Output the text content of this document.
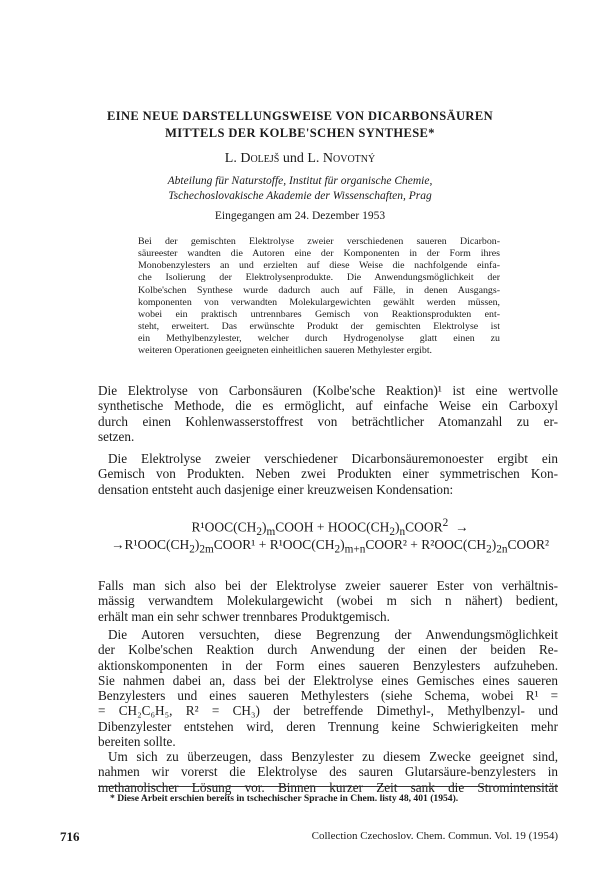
EINE NEUE DARSTELLUNGSWEISE VON DICARBONSÄUREN
MITTELS DER KOLBE'SCHEN SYNTHESE*
L. Dolejš und L. Novotný
Abteilung für Naturstoffe, Institut für organische Chemie,
Tschechoslovakische Akademie der Wissenschaften, Prag
Eingegangen am 24. Dezember 1953
Bei der gemischten Elektrolyse zweier verschiedenen saueren Dicarbon-
säureester wandten die Autoren eine der Komponenten in der Form ihres
Monobenzylesters an und erzielten auf diese Weise die nachfolgende einfa-
che Isolierung der Elektrolysenprodukte. Die Anwendungsmöglichkeit der
Kolbe'schen Synthese wurde dadurch auch auf Fälle, in denen Ausgangs-
komponenten von verwandten Molekulargewichten gewählt werden müssen,
wobei ein praktisch untrennbares Gemisch von Reaktionsprodukten ent-
steht, erweitert. Das erwünschte Produkt der gemischten Elektrolyse ist
ein Methylbenzylester, welcher durch Hydrogenolyse glatt einen zu
weiteren Operationen geeigneten einheitlichen saueren Methylester ergibt.
Die Elektrolyse von Carbonsäuren (Kolbe'sche Reaktion)¹ ist eine wertvolle
synthetische Methode, die es ermöglicht, auf einfache Weise ein Carboxyl
durch einen Kohlenwasserstoffrest von beträchtlicher Atomanzahl zu er-
setzen.
Die Elektrolyse zweier verschiedener Dicarbonsäuremonoester ergibt ein
Gemisch von Produkten. Neben zwei Produkten einer symmetrischen Kon-
densation entsteht auch dasjenige einer kreuzweisen Kondensation:
$R^1OOC(CH_2)_mCOOH$ + $HOOC(CH_2)_nCOOR^2$ →
$\to R^1OOC(CH_2)_{2m}COOR^1$ + $R^1OOC(CH_2)_{m+n}COOR^2$ + $R^2OOC(CH_2)_{2n}COOR^2$
Falls man sich also bei der Elektrolyse zweier sauerer Ester von verhältnis-
mässig verwandtem Molekulargewicht (wobei m sich n nähert) bedient,
erhält man ein sehr schwer trennbares Produktgemisch.
Die Autoren versuchten, diese Begrenzung der Anwendungsmöglichkeit
der Kolbe'schen Reaktion durch Anwendung der einen der beiden Re-
aktionskomponenten in der Form eines saueren Benzylesters aufzuheben.
Sie nahmen dabei an, dass bei der Elektrolyse eines Gemisches eines saueren
Benzylesters und eines saueren Methylesters (siehe Schema, wobei R¹ =
= CH₂C₆H₅, R² = CH₃) der betreffende Dimethyl-, Methylbenzyl- und
Dibenzylester entstehen wird, deren Trennung keine Schwierigkeiten mehr
bereiten sollte.
Um sich zu überzeugen, dass Benzylester zu diesem Zwecke geeignet sind,
nahmen wir vorerst die Elektrolyse des sauren Glutarsäure-benzylesters in
methanolischer Lösung vor. Binnen kurzer Zeit sank die Stromintensität
* Diese Arbeit erschien bereits in tschechischer Sprache in Chem. listy 48, 401 (1954).
716	Collection Czechoslov. Chem. Commun. Vol. 19 (1954)
